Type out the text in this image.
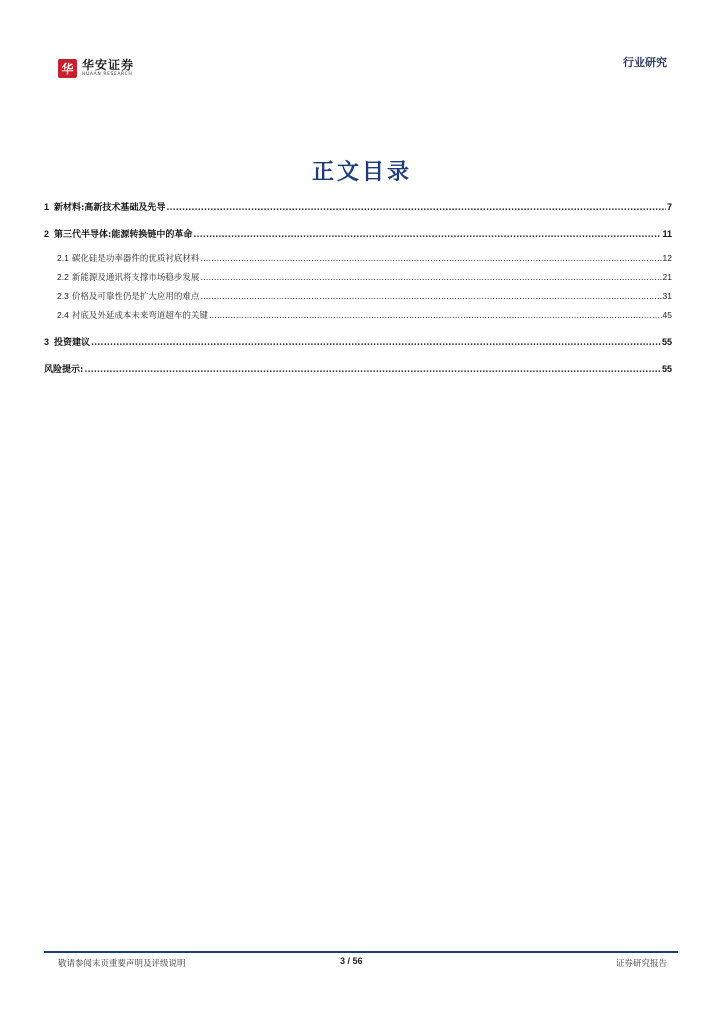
华 华安证券
HUAAN RESEARCH
行业研究
正文目录
1 新材料:高新技术基础及先导 .....	7
2 第三代半导体:能源转换链中的革命 .....	11
2.1 碳化硅是功率器件的优质衬底材料 .....	12
2.2 新能源及通讯将支撑市场稳步发展 .....	21
2.3 价格及可靠性仍是扩大应用的难点 .....	31
2.4 衬底及外延成本未来弯道超车的关键 .....	45
3 投资建议 .....	55
风险提示: .....	55
敬请参阅末页重要声明及评级说明	3 / 56	证券研究报告
